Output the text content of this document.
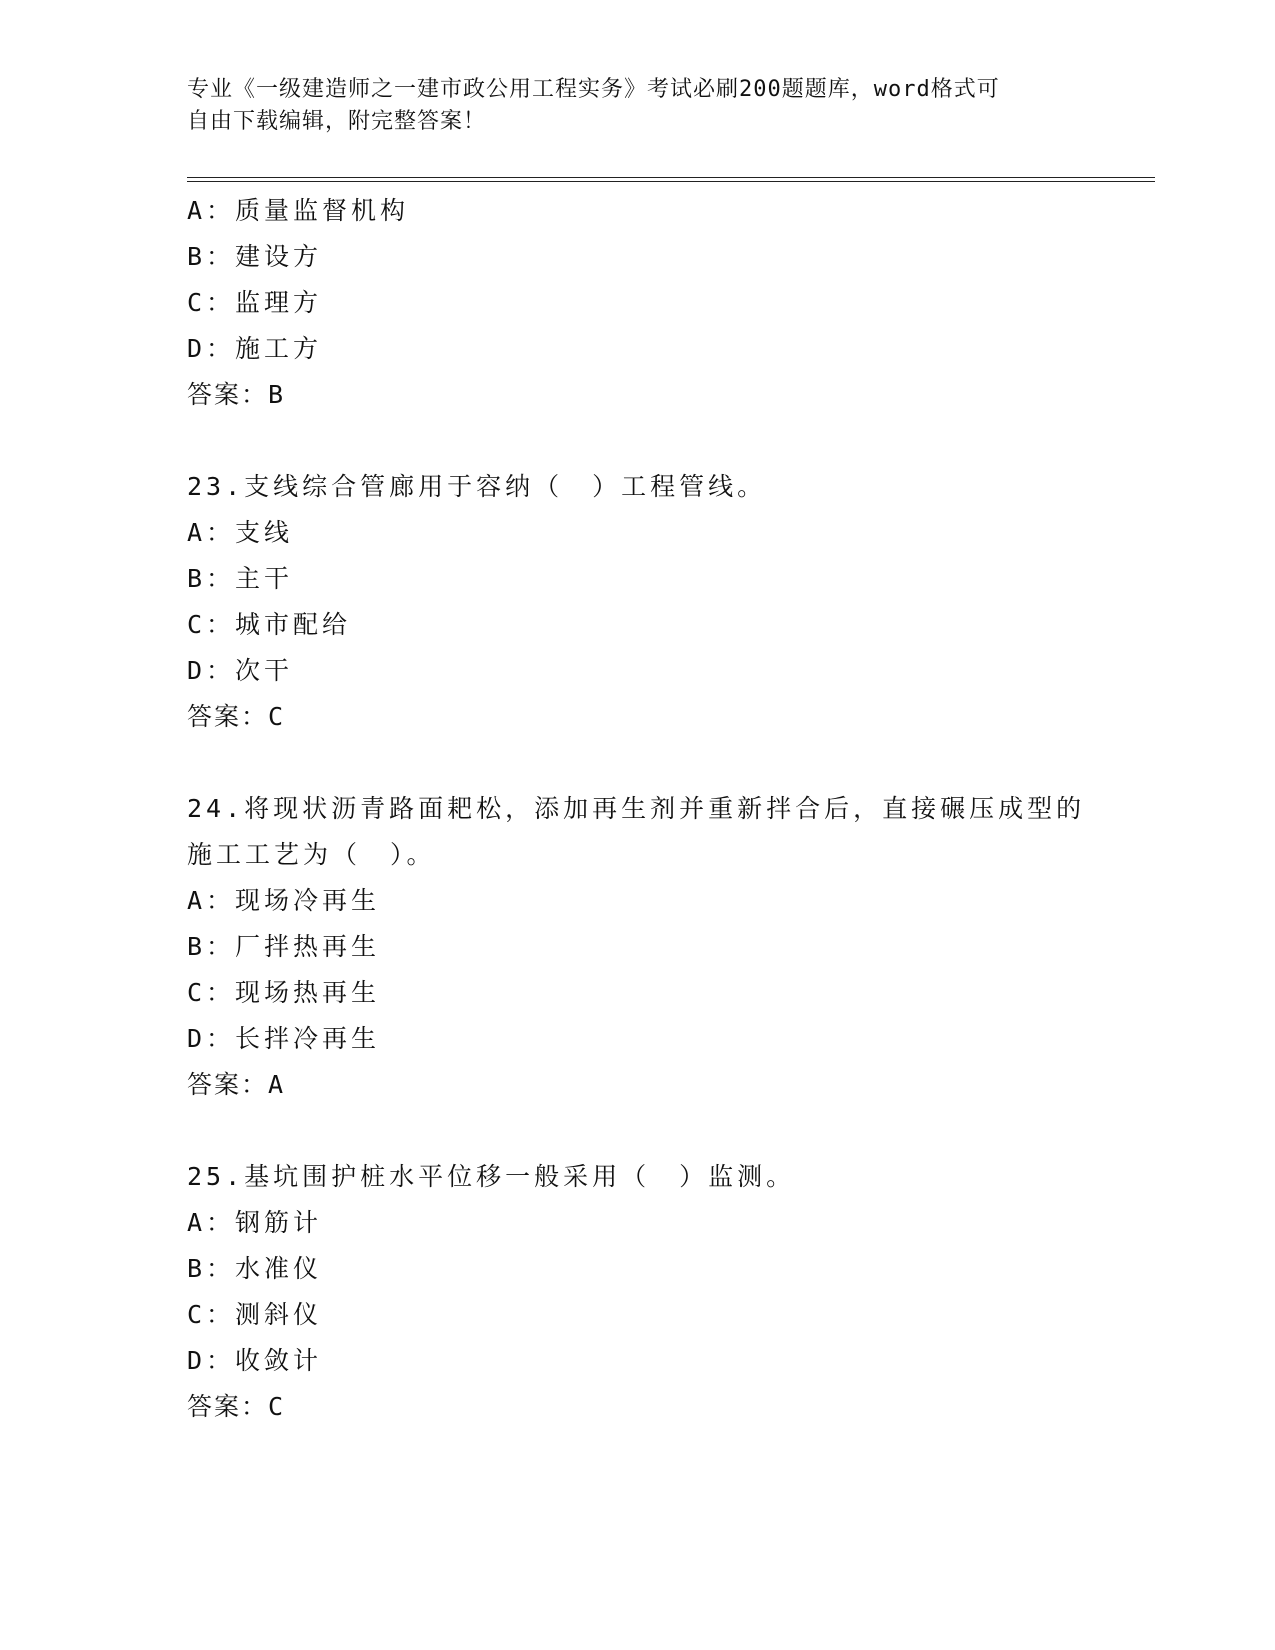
专业《一级建造师之一建市政公用工程实务》考试必刷200题题库，word格式可
自由下载编辑，附完整答案！
A：质量监督机构
B：建设方
C：监理方
D：施工方
答案：B
23.支线综合管廊用于容纳（　）工程管线。
A：支线
B：主干
C：城市配给
D：次干
答案：C
24.将现状沥青路面耙松，添加再生剂并重新拌合后，直接碾压成型的
施工工艺为（　）。
A：现场冷再生
B：厂拌热再生
C：现场热再生
D：长拌冷再生
答案：A
25.基坑围护桩水平位移一般采用（　）监测。
A：钢筋计
B：水准仪
C：测斜仪
D：收敛计
答案：C
